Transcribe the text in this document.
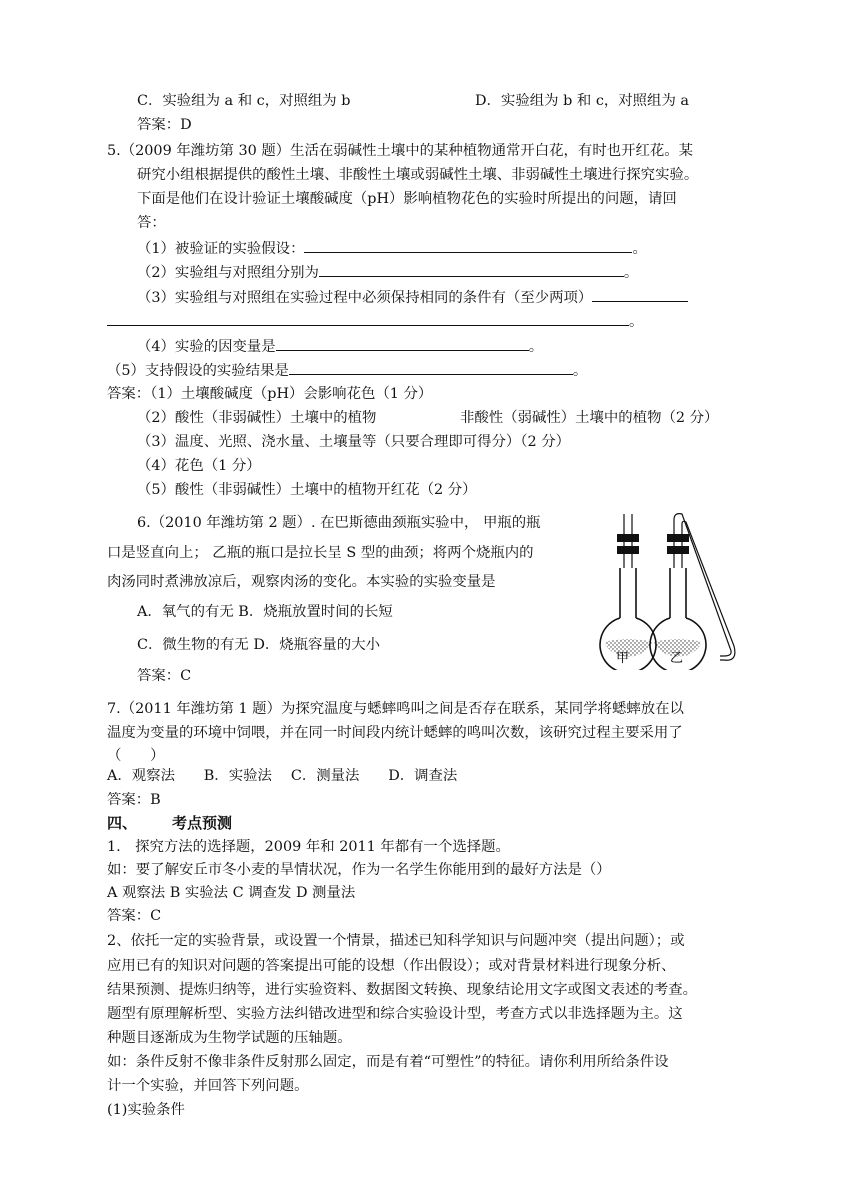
C．实验组为 a 和 c，对照组为 b	D．实验组为 b 和 c，对照组为 a
答案：D
5.（2009 年潍坊第 30 题）生活在弱碱性土壤中的某种植物通常开白花，有时也开红花。某
研究小组根据提供的酸性土壤、非酸性土壤或弱碱性土壤、非弱碱性土壤进行探究实验。
下面是他们在设计验证土壤酸碱度（pH）影响植物花色的实验时所提出的问题，请回
答：
（1）被验证的实验假设：	。
（2）实验组与对照组分别为	。
（3）实验组与对照组在实验过程中必须保持相同的条件有（至少两项）
。
（4）实验的因变量是	。
（5）支持假设的实验结果是	。
答案：（1）土壤酸碱度（pH）会影响花色（1 分）
（2）酸性（非弱碱性）土壤中的植物	非酸性（弱碱性）土壤中的植物（2 分）
（3）温度、光照、浇水量、土壤量等（只要合理即可得分）（2 分）
（4）花色（1 分）
（5）酸性（非弱碱性）土壤中的植物开红花（2 分）
6.（2010 年潍坊第 2 题）. 在巴斯德曲颈瓶实验中， 甲瓶的瓶
口是竖直向上； 乙瓶的瓶口是拉长呈 S 型的曲颈；将两个烧瓶内的
肉汤同时煮沸放凉后，观察肉汤的变化。本实验的实验变量是
A．氧气的有无 B．烧瓶放置时间的长短
C．微生物的有无 D．烧瓶容量的大小
答案：C
甲	乙
7.（2011 年潍坊第 1 题）为探究温度与蟋蟀鸣叫之间是否存在联系，某同学将蟋蟀放在以
温度为变量的环境中饲喂，并在同一时间段内统计蟋蟀的鸣叫次数，该研究过程主要采用了
（　　）
A．观察法　　B．实验法　 C．测量法　　D．调查法
答案：B
四、 考点预测
1.　探究方法的选择题，2009 年和 2011 年都有一个选择题。
如：要了解安丘市冬小麦的旱情状况，作为一名学生你能用到的最好方法是（）
A 观察法 B 实验法 C 调查发 D 测量法
答案：C
2、依托一定的实验背景，或设置一个情景，描述已知科学知识与问题冲突（提出问题）；或
应用已有的知识对问题的答案提出可能的设想（作出假设）；或对背景材料进行现象分析、
结果预测、提炼归纳等，进行实验资料、数据图文转换、现象结论用文字或图文表述的考查。
题型有原理解析型、实验方法纠错改进型和综合实验设计型，考查方式以非选择题为主。这
种题目逐渐成为生物学试题的压轴题。
如：条件反射不像非条件反射那么固定，而是有着“可塑性”的特征。请你利用所给条件设
计一个实验，并回答下列问题。
(1)实验条件
